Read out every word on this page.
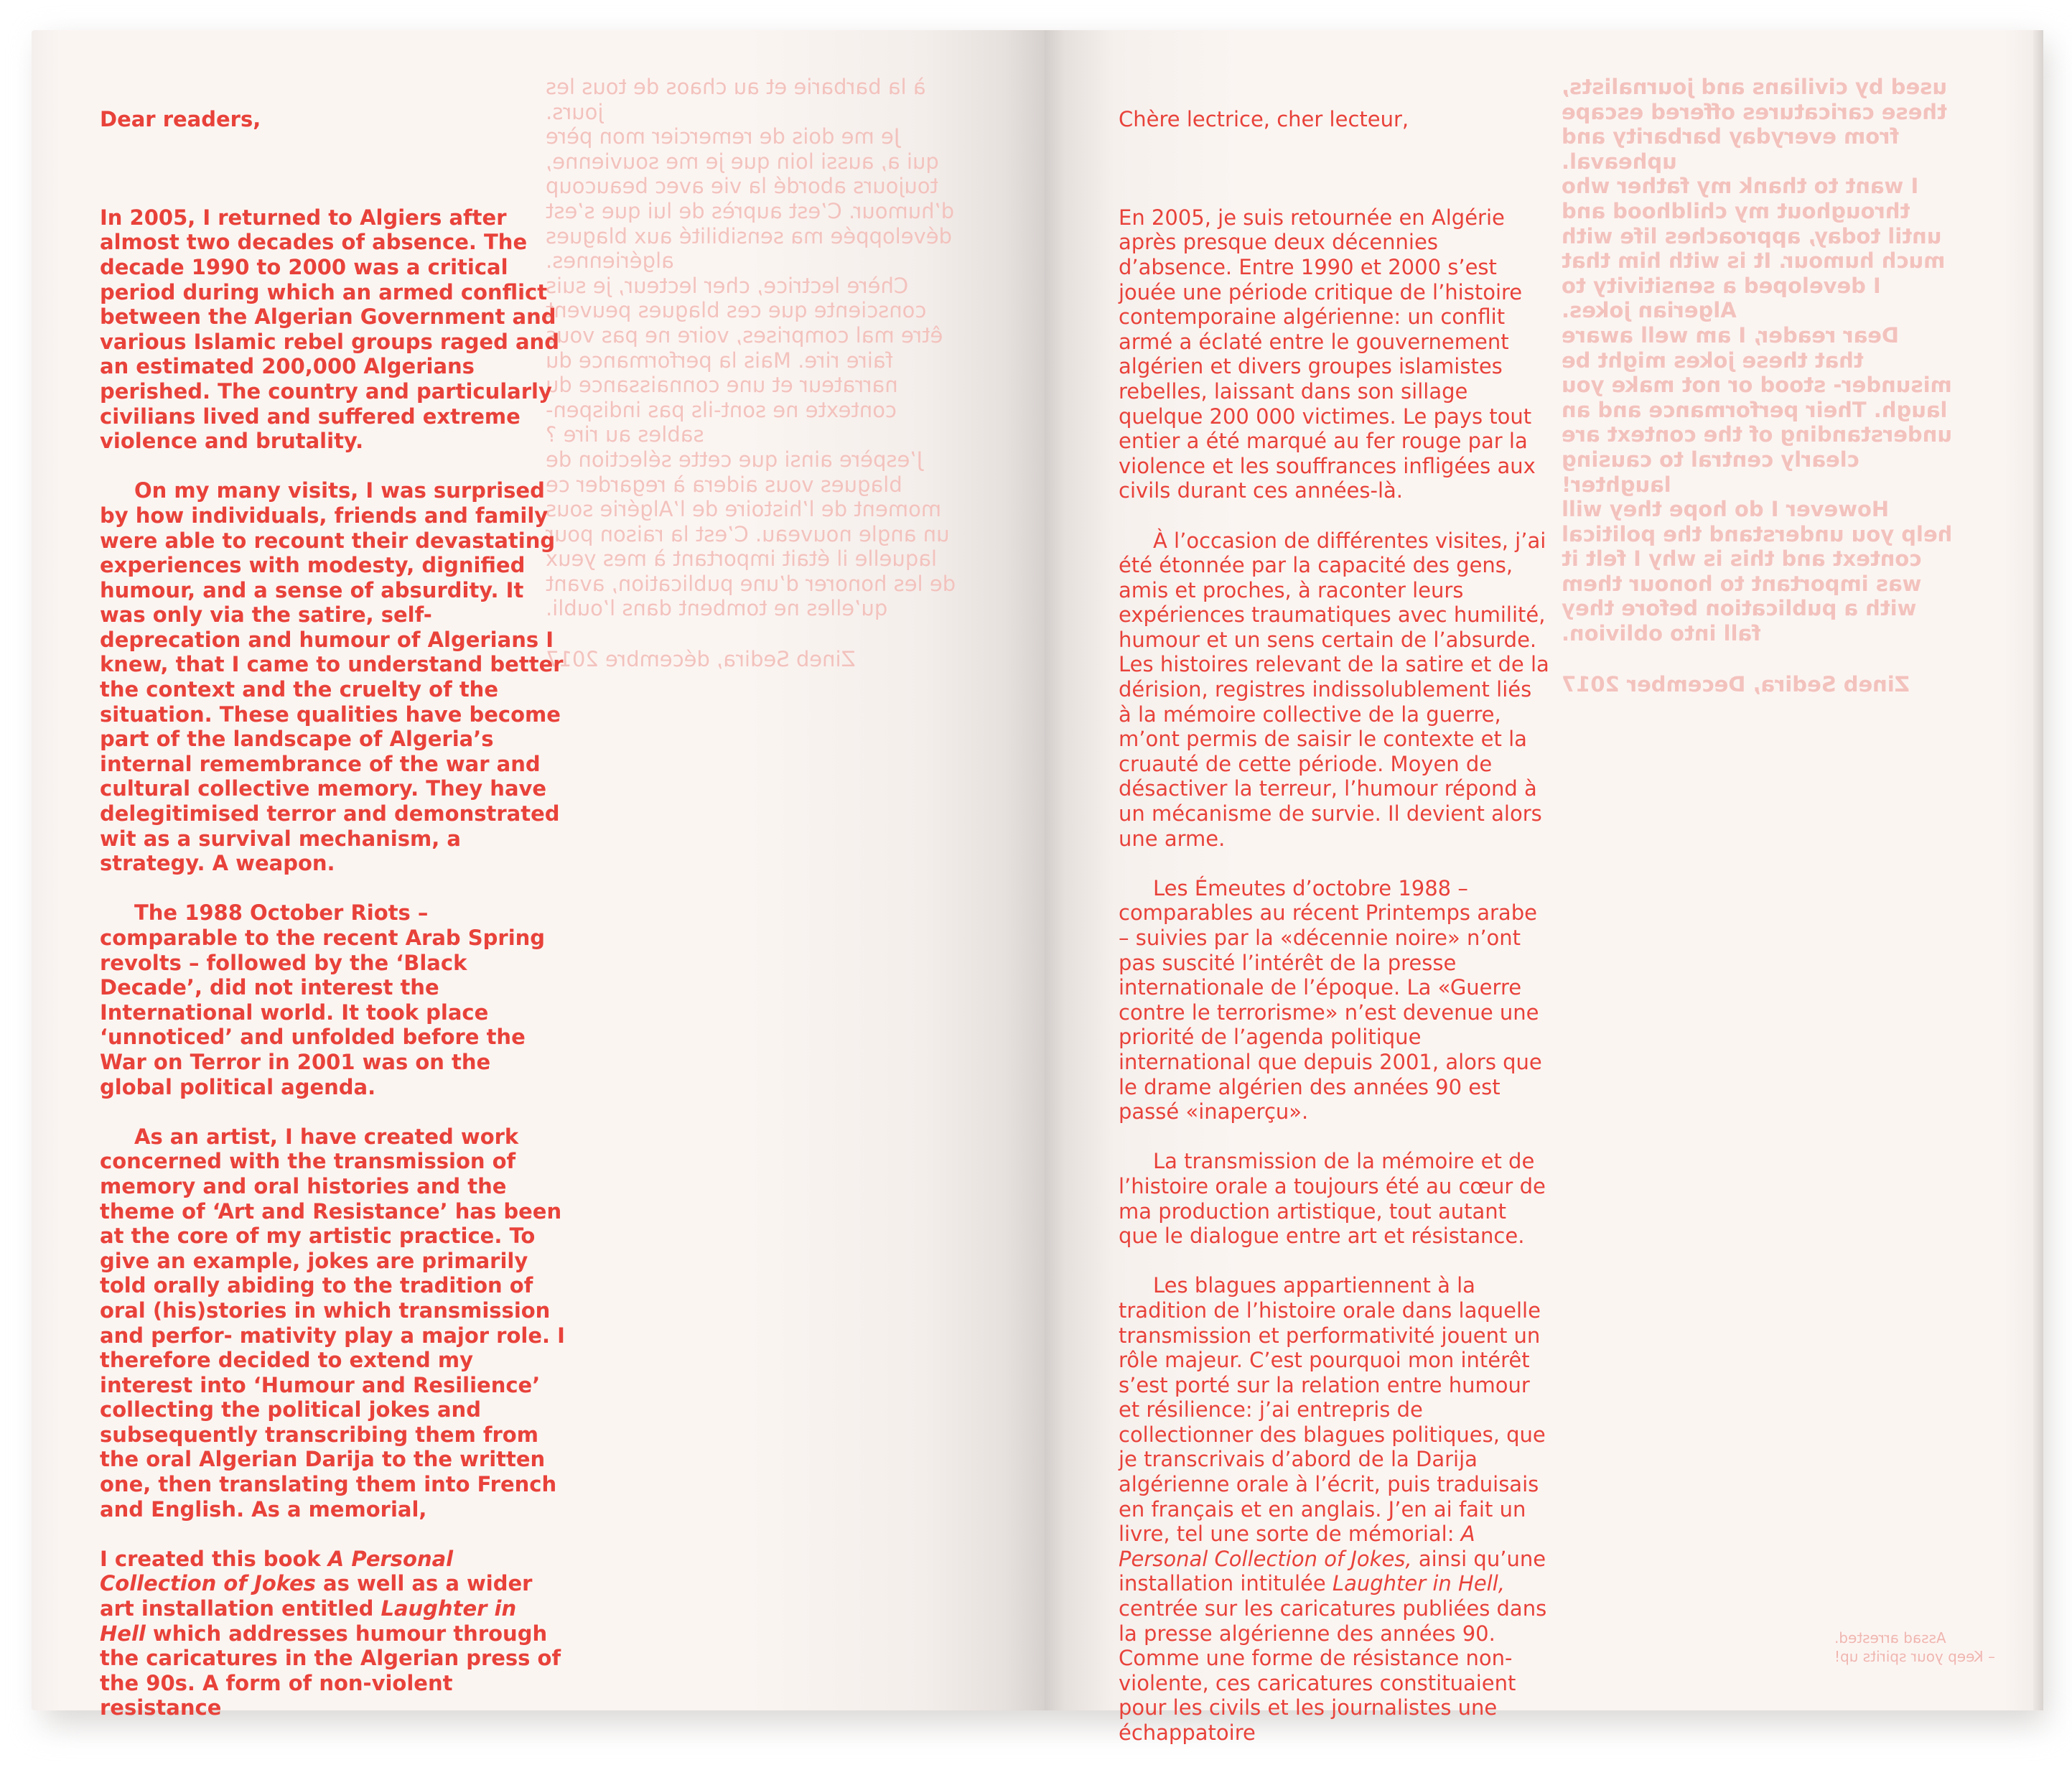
à la barbarie et au chaos de tous les jours.

Je me dois de remercier mon père qui a, aussi loin que je me souvienne, toujours abordé la vie avec beaucoup d’humour. C’est auprès de lui que s’est développée ma sensibilité aux blagues algériennes.

Chère lectrice, cher lecteur, je suis consciente que ces blagues peuvent être mal comprises, voire ne pas vous faire rire. Mais la performance du narrateur et une connaissance du contexte ne sont-ils pas indispen- sables au rire ?

J’espère ainsi que cette sélection de blagues vous aidera à regarder ce moment de l’histoire de l’Algérie sous un angle nouveau. C’est la raison pour laquelle il était important à mes yeux de les honorer d’une publication, avant qu’elles ne tombent dans l’oubli.

Zineb Sedira, décembre 2017

Dear readers,

In 2005, I returned to Algiers after almost two decades of absence. The decade 1990 to 2000 was a critical period during which an armed conflict between the Algerian Government and various Islamic rebel groups raged and an estimated 200,000 Algerians perished. The country and particularly civilians lived and suffered extreme violence and brutality.

On my many visits, I was surprised by how individuals, friends and family were able to recount their devastating experiences with modesty, dignified humour, and a sense of absurdity. It was only via the satire, self-deprecation and humour of Algerians I knew, that I came to understand better the context and the cruelty of the situation. These qualities have become part of the landscape of Algeria’s internal remembrance of the war and cultural collective memory. They have delegitimised terror and demonstrated wit as a survival mechanism, a strategy. A weapon.

The 1988 October Riots – comparable to the recent Arab Spring revolts – followed by the ‘Black Decade’, did not interest the International world. It took place ‘unnoticed’ and unfolded before the War on Terror in 2001 was on the global political agenda.

As an artist, I have created work concerned with the transmission of memory and oral histories and the theme of ‘Art and Resistance’ has been at the core of my artistic practice. To give an example, jokes are primarily told orally abiding to the tradition of oral (his)stories in which transmission and perfor- mativity play a major role. I therefore decided to extend my interest into ‘Humour and Resilience’ collecting the political jokes and subsequently transcribing them from the oral Algerian Darija to the written one, then translating them into French and English. As a memorial,

I created this book A Personal Collection of Jokes as well as a wider art installation entitled Laughter in Hell which addresses humour through the caricatures in the Algerian press of the 90s. A form of non-violent resistance

used by civilians and journalists, these caricatures offered escape from everyday barbarity and upheaval.

I want to thank my father who throughout my childhood and until today, approaches life with much humour. It is with him that I developed a sensitivity to Algerian jokes.

Dear reader, I am well aware that these jokes might be misunder- stood or not make you laugh. Their performance and an understanding of the context are clearly central to causing laughter!

However I do hope they will help you understand the political context and this is why I felt it was important to honour them with a publication before they fall into oblivion.

Zineb Sedira, December 2017

Chère lectrice, cher lecteur,

En 2005, je suis retournée en Algérie après presque deux décennies d’absence. Entre 1990 et 2000 s’est jouée une période critique de l’histoire contemporaine algérienne: un conflit armé a éclaté entre le gouvernement algérien et divers groupes islamistes rebelles, laissant dans son sillage quelque 200 000 victimes. Le pays tout entier a été marqué au fer rouge par la violence et les souffrances infligées aux civils durant ces années-là.

À l’occasion de différentes visites, j’ai été étonnée par la capacité des gens, amis et proches, à raconter leurs expériences traumatiques avec humilité, humour et un sens certain de l’absurde. Les histoires relevant de la satire et de la dérision, registres indissolublement liés à la mémoire collective de la guerre, m’ont permis de saisir le contexte et la cruauté de cette période. Moyen de désactiver la terreur, l’humour répond à un mécanisme de survie. Il devient alors une arme.

Les Émeutes d’octobre 1988 – comparables au récent Printemps arabe – suivies par la «décennie noire» n’ont pas suscité l’intérêt de la presse internationale de l’époque. La «Guerre contre le terrorisme» n’est devenue une priorité de l’agenda politique international que depuis 2001, alors que le drame algérien des années 90 est passé «inaperçu».

La transmission de la mémoire et de l’histoire orale a toujours été au cœur de ma production artistique, tout autant que le dialogue entre art et résistance.

Les blagues appartiennent à la tradition de l’histoire orale dans laquelle transmission et performativité jouent un rôle majeur. C’est pourquoi mon intérêt s’est porté sur la relation entre humour et résilience: j’ai entrepris de collectionner des blagues politiques, que je transcrivais d’abord de la Darija algérienne orale à l’écrit, puis traduisais en français et en anglais. J’en ai fait un livre, tel une sorte de mémorial: A Personal Collection of Jokes, ainsi qu’une installation intitulée Laughter in Hell, centrée sur les caricatures publiées dans la presse algérienne des années 90. Comme une forme de résistance non-violente, ces caricatures constituaient pour les civils et les journalistes une échappatoire

Assad arrested.
– Keep your spirits up!
